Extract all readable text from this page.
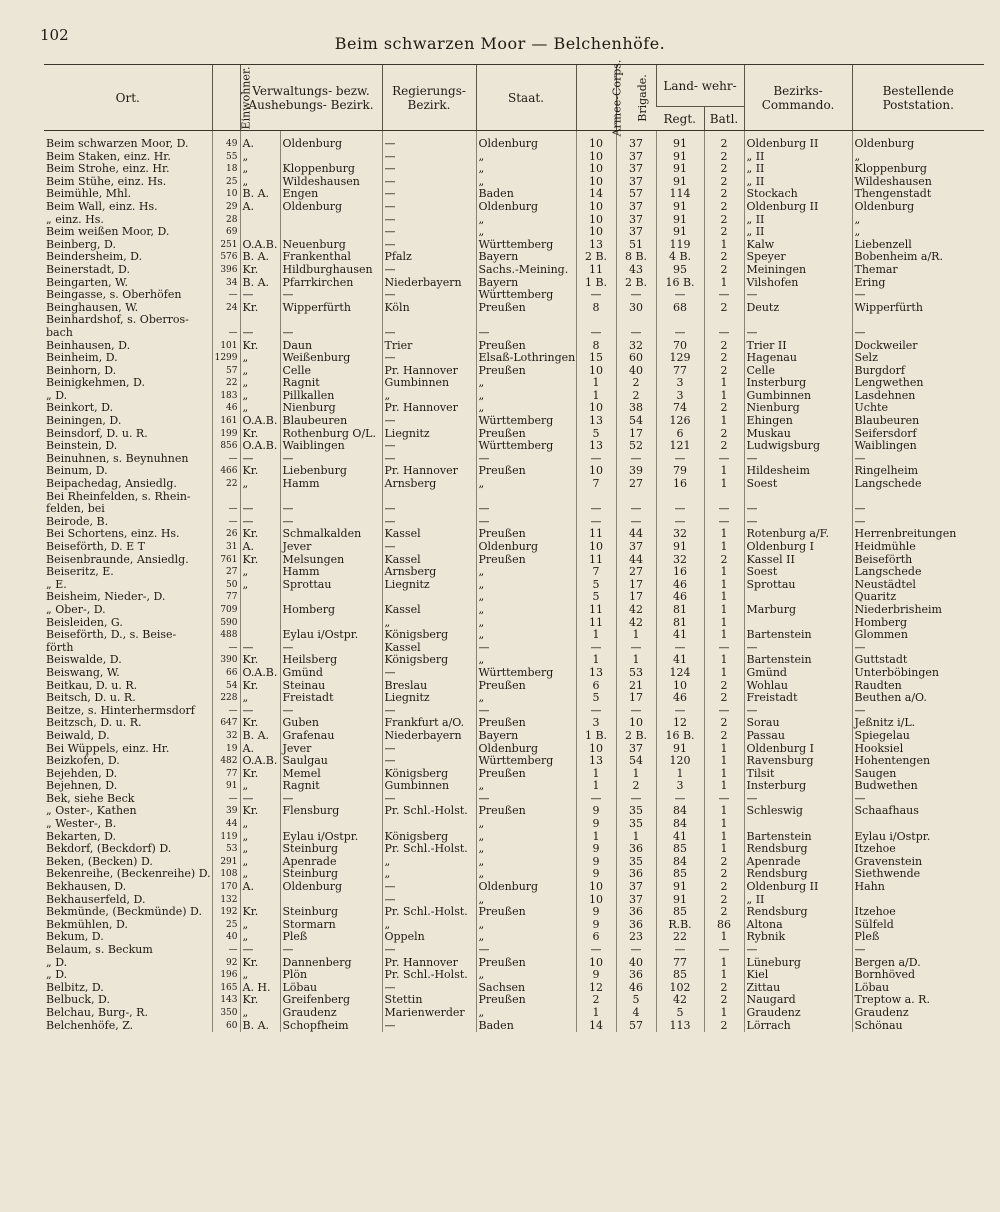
102	Beim schwarzen Moor — Belchenhöfe.
Ort.	Einwohner.	Verwaltungs- bezw. Aushebungs- Bezirk.		Regierungs- Bezirk.	Staat.	Armee-Corps.	Brigade.	Land- wehr-		Bezirks- Commando.	Bestellende Poststation.
								Regt.	Batl.		

Beim schwarzen Moor, D.	49	A.	Oldenburg	—	Oldenburg	10	37	91	2	Oldenburg II	Oldenburg
Beim Staken, einz. Hr.	55	„		—	„	10	37	91	2	„ II	„
Beim Strohe, einz. Hr.	18	„	Kloppenburg	—	„	10	37	91	2	„ II	Kloppenburg
Beim Stühe, einz. Hs.	25	„	Wildeshausen	—	„	10	37	91	2	„ II	Wildeshausen
Beimühle, Mhl.	10	B. A.	Engen	—	Baden	14	57	114	2	Stockach	Thengenstadt
Beim Wall, einz. Hs.	29	A.	Oldenburg	—	Oldenburg	10	37	91	2	Oldenburg II	Oldenburg
„ einz. Hs.	28			—	„	10	37	91	2	„ II	„
Beim weißen Moor, D.	69			—	„	10	37	91	2	„ II	„
Beinberg, D.	251	O.A.B.	Neuenburg	—	Württemberg	13	51	119	1	Kalw	Liebenzell
Beindersheim, D.	576	B. A.	Frankenthal	Pfalz	Bayern	2 B.	8 B.	4 B.	2	Speyer	Bobenheim a/R.
Beinerstadt, D.	396	Kr.	Hildburghausen	—	Sachs.-Meining.	11	43	95	2	Meiningen	Themar
Beingarten, W.	34	B. A.	Pfarrkirchen	Niederbayern	Bayern	1 B.	2 B.	16 B.	1	Vilshofen	Ering
Beingasse, s. Oberhöfen	—	—	—	—	Württemberg	—	—	—	—	—	—
Beinghausen, W.	24	Kr.	Wipperfürth	Köln	Preußen	8	30	68	2	Deutz	Wipperfürth
Beinhardshof, s. Oberros-											
bach	—	—	—	—	—	—	—	—	—	—	—
Beinhausen, D.	101	Kr.	Daun	Trier	Preußen	8	32	70	2	Trier II	Dockweiler
Beinheim, D.	1299	„	Weißenburg	—	Elsaß-Lothringen	15	60	129	2	Hagenau	Selz
Beinhorn, D.	57	„	Celle	Pr. Hannover	Preußen	10	40	77	2	Celle	Burgdorf
Beinigkehmen, D.	22	„	Ragnit	Gumbinnen	„	1	2	3	1	Insterburg	Lengwethen
„ D.	183	„	Pillkallen	„	„	1	2	3	1	Gumbinnen	Lasdehnen
Beinkort, D.	46	„	Nienburg	Pr. Hannover	„	10	38	74	2	Nienburg	Uchte
Beiningen, D.	161	O.A.B.	Blaubeuren	—	Württemberg	13	54	126	1	Ehingen	Blaubeuren
Beinsdorf, D. u. R.	199	Kr.	Rothenburg O/L.	Liegnitz	Preußen	5	17	6	2	Muskau	Seifersdorf
Beinstein, D.	856	O.A.B.	Waiblingen	—	Württemberg	13	52	121	2	Ludwigsburg	Waiblingen
Beinuhnen, s. Beynuhnen	—	—	—	—	—	—	—	—	—	—	—
Beinum, D.	466	Kr.	Liebenburg	Pr. Hannover	Preußen	10	39	79	1	Hildesheim	Ringelheim
Beipachedag, Ansiedlg.	22	„	Hamm	Arnsberg	„	7	27	16	1	Soest	Langschede
Bei Rheinfelden, s. Rhein-											
felden, bei	—	—	—	—	—	—	—	—	—	—	—
Beirode, B.	—	—	—	—	—	—	—	—	—	—	—
Bei Schortens, einz. Hs.	26	Kr.	Schmalkalden	Kassel	Preußen	11	44	32	1	Rotenburg a/F.	Herrenbreitungen
Beiseförth, D. E T	31	A.	Jever	—	Oldenburg	10	37	91	1	Oldenburg I	Heidmühle
Beisenbraunde, Ansiedlg.	761	Kr.	Melsungen	Kassel	Preußen	11	44	32	2	Kassel II	Beiseförth
Beiseritz, E.	27	„	Hamm	Arnsberg	„	7	27	16	1	Soest	Langschede
„ E.	50	„	Sprottau	Liegnitz	„	5	17	46	1	Sprottau	Neustädtel
Beisheim, Nieder-, D.	77				„	5	17	46	1		Quaritz
„ Ober-, D.	709		Homberg	Kassel	„	11	42	81	1	Marburg	Niederbrisheim
Beisleiden, G.	590			„	„	11	42	81	1		Homberg
Beiseförth, D., s. Beise-	488		Eylau i/Ostpr.	Königsberg	„	1	1	41	1	Bartenstein	Glommen
förth	—	—	—	Kassel	—	—	—	—	—	—	—
Beiswalde, D.	390	Kr.	Heilsberg	Königsberg	„	1	1	41	1	Bartenstein	Guttstadt
Beiswang, W.	66	O.A.B.	Gmünd	—	Württemberg	13	53	124	1	Gmünd	Unterböbingen
Beitkau, D. u. R.	54	Kr.	Steinau	Breslau	Preußen	6	21	10	2	Wohlau	Raudten
Beitsch, D. u. R.	228	„	Freistadt	Liegnitz	„	5	17	46	2	Freistadt	Beuthen a/O.
Beitze, s. Hinterhermsdorf	—	—	—	—	—	—	—	—	—	—	—
Beitzsch, D. u. R.	647	Kr.	Guben	Frankfurt a/O.	Preußen	3	10	12	2	Sorau	Jeßnitz i/L.
Beiwald, D.	32	B. A.	Grafenau	Niederbayern	Bayern	1 B.	2 B.	16 B.	2	Passau	Spiegelau
Bei Wüppels, einz. Hr.	19	A.	Jever	—	Oldenburg	10	37	91	1	Oldenburg I	Hooksiel
Beizkofen, D.	482	O.A.B.	Saulgau	—	Württemberg	13	54	120	1	Ravensburg	Hohentengen
Bejehden, D.	77	Kr.	Memel	Königsberg	Preußen	1	1	1	1	Tilsit	Saugen
Bejehnen, D.	91	„	Ragnit	Gumbinnen	„	1	2	3	1	Insterburg	Budwethen
Bek, siehe Beck	—	—	—	—	—	—	—	—	—	—	—
„ Oster-, Kathen	39	Kr.	Flensburg	Pr. Schl.-Holst.	Preußen	9	35	84	1	Schleswig	Schaafhaus
„ Wester-, B.	44	„			„	9	35	84	1		
Bekarten, D.	119	„	Eylau i/Ostpr.	Königsberg	„	1	1	41	1	Bartenstein	Eylau i/Ostpr.
Bekdorf, (Beckdorf) D.	53	„	Steinburg	Pr. Schl.-Holst.	„	9	36	85	1	Rendsburg	Itzehoe
Beken, (Becken) D.	291	„	Apenrade	„	„	9	35	84	2	Apenrade	Gravenstein
Bekenreihe, (Beckenreihe) D.	108	„	Steinburg	„	„	9	36	85	2	Rendsburg	Siethwende
Bekhausen, D.	170	A.	Oldenburg	—	Oldenburg	10	37	91	2	Oldenburg II	Hahn
Bekhauserfeld, D.	132			—	„	10	37	91	2	„ II	
Bekmünde, (Beckmünde) D.	192	Kr.	Steinburg	Pr. Schl.-Holst.	Preußen	9	36	85	2	Rendsburg	Itzehoe
Bekmühlen, D.	25	„	Stormarn	„	„	9	36	R.B.	86	Altona	Sülfeld
Bekum, D.	40	„	Pleß	Oppeln	„	6	23	22	1	Rybnik	Pleß
Belaum, s. Beckum	—	—	—	—	—	—	—	—	—	—	—
„ D.	92	Kr.	Dannenberg	Pr. Hannover	Preußen	10	40	77	1	Lüneburg	Bergen a/D.
„ D.	196	„	Plön	Pr. Schl.-Holst.	„	9	36	85	1	Kiel	Bornhöved
Belbitz, D.	165	A. H.	Löbau	—	Sachsen	12	46	102	2	Zittau	Löbau
Belbuck, D.	143	Kr.	Greifenberg	Stettin	Preußen	2	5	42	2	Naugard	Treptow a. R.
Belchau, Burg-, R.	350	„	Graudenz	Marienwerder	„	1	4	5	1	Graudenz	Graudenz
Belchenhöfe, Z.	60	B. A.	Schopfheim	—	Baden	14	57	113	2	Lörrach	Schönau
